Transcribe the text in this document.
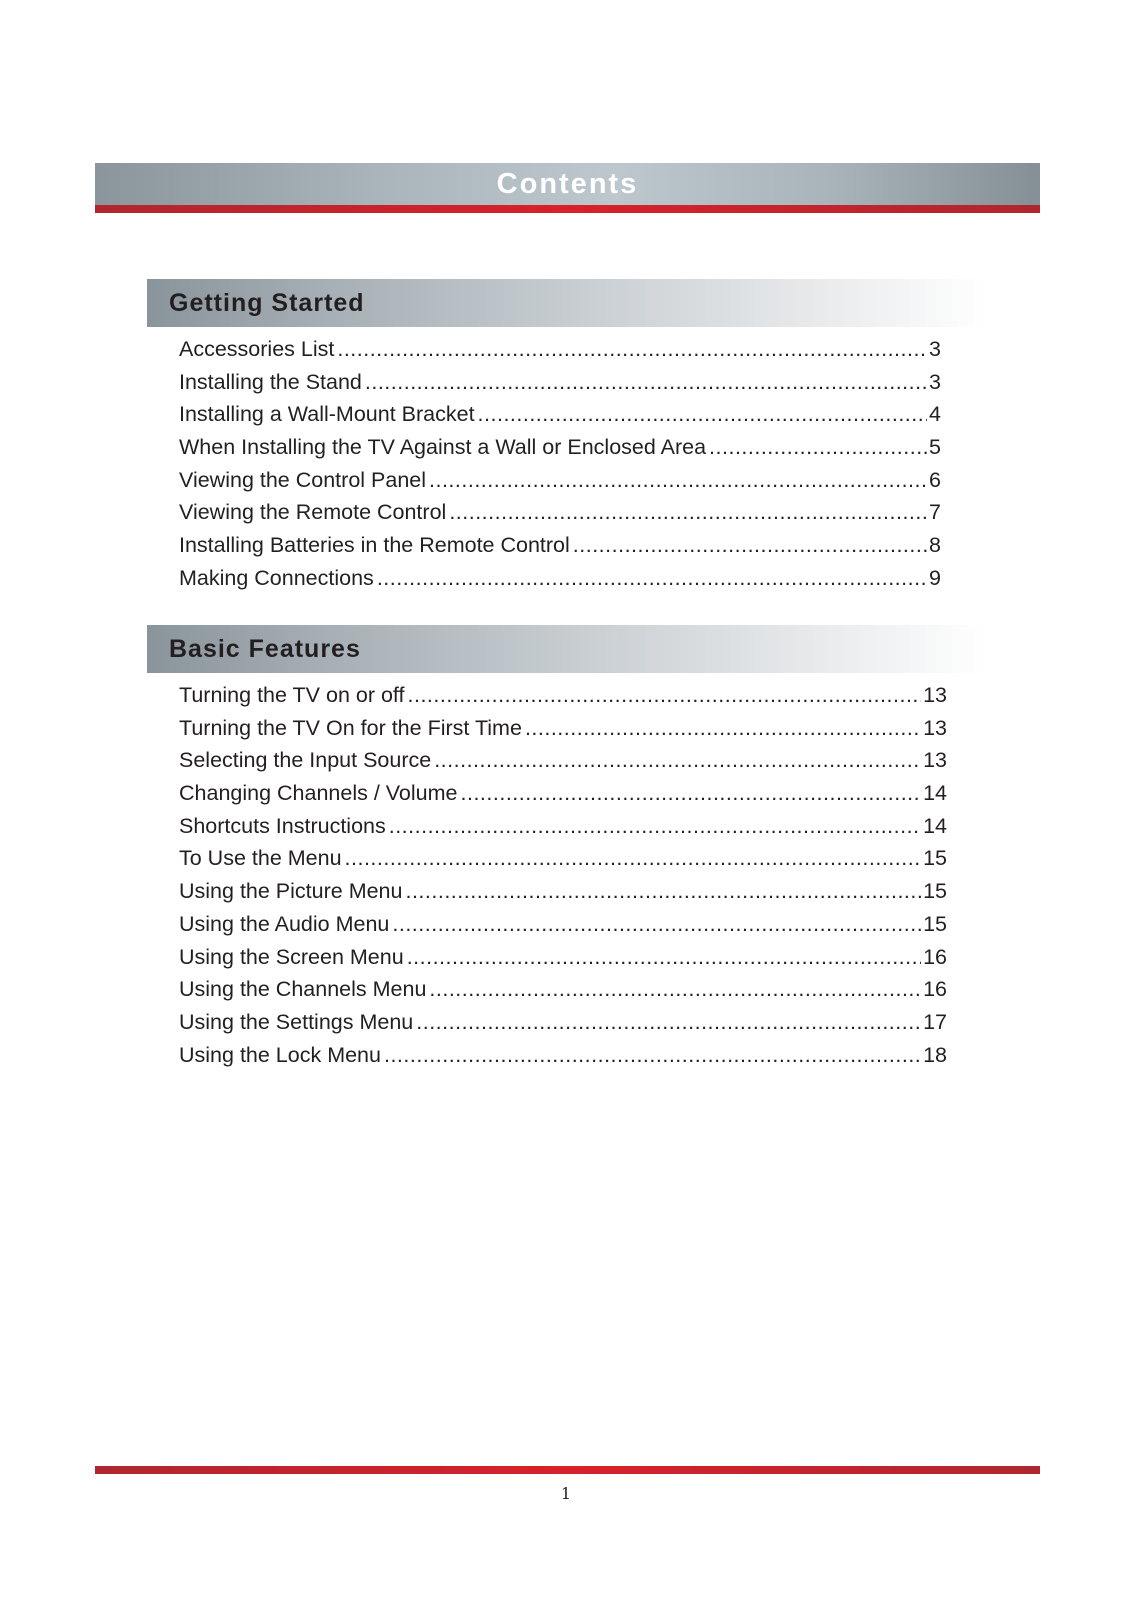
Contents
Getting Started
Accessories List .....	3
Installing the Stand .....	3
Installing a Wall-Mount Bracket .....	4
When Installing the TV Against a Wall or Enclosed Area .....	5
Viewing the Control Panel .....	6
Viewing the Remote Control .....	7
Installing Batteries in the Remote Control .....	8
Making Connections .....	9
Basic Features
Turning the TV on or off .....	13
Turning the TV On for the First Time .....	13
Selecting the Input Source .....	13
Changing Channels / Volume .....	14
Shortcuts Instructions .....	14
To Use the Menu .....	15
Using the Picture Menu .....	15
Using the Audio Menu .....	15
Using the Screen Menu .....	16
Using the Channels Menu .....	16
Using the Settings Menu .....	17
Using the Lock Menu .....	18
1
